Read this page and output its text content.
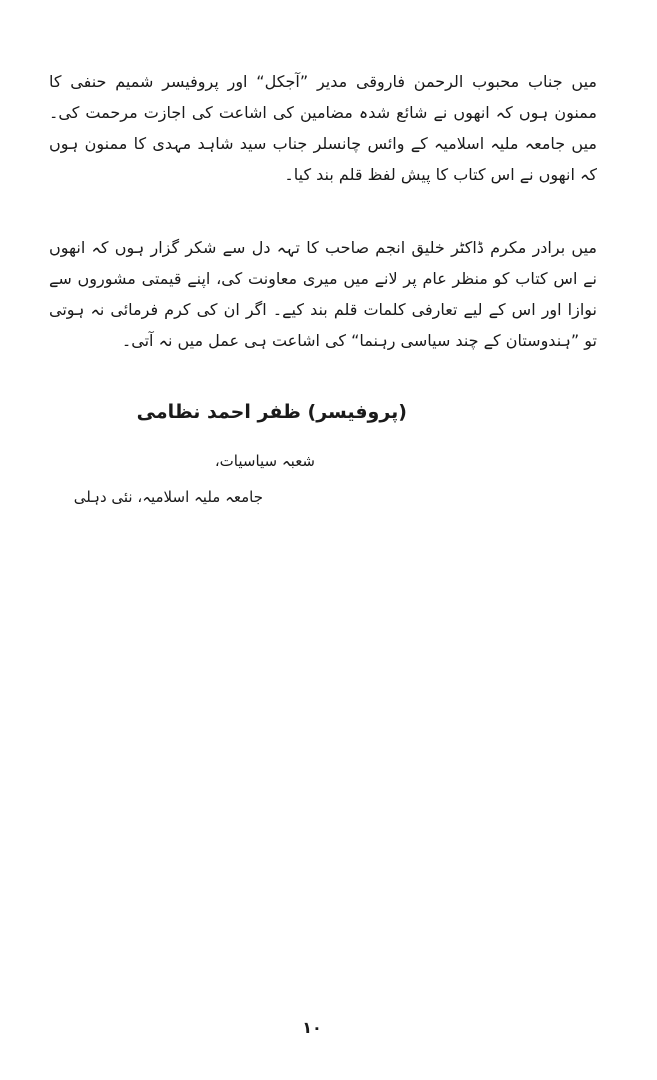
میں جناب محبوب الرحمن فاروقی مدیر ”آجکل“ اور پروفیسر شمیم حنفی کا ممنون ہوں کہ انھوں نے شائع شدہ مضامین کی اشاعت کی اجازت مرحمت کی۔ میں جامعہ ملیہ اسلامیہ کے وائس چانسلر جناب سید شاہد مہدی کا ممنون ہوں کہ انھوں نے اس کتاب کا پیش لفظ قلم بند کیا۔

میں برادر مکرم ڈاکٹر خلیق انجم صاحب کا تہہ دل سے شکر گزار ہوں کہ انھوں نے اس کتاب کو منظر عام پر لانے میں میری معاونت کی، اپنے قیمتی مشوروں سے نوازا اور اس کے لیے تعارفی کلمات قلم بند کیے۔ اگر ان کی کرم فرمائی نہ ہوتی تو ”ہندوستان کے چند سیاسی رہنما“ کی اشاعت ہی عمل میں نہ آتی۔

(پروفیسر) ظفر احمد نظامی

شعبہ سیاسیات،

جامعہ ملیہ اسلامیہ، نئی دہلی

١٠
